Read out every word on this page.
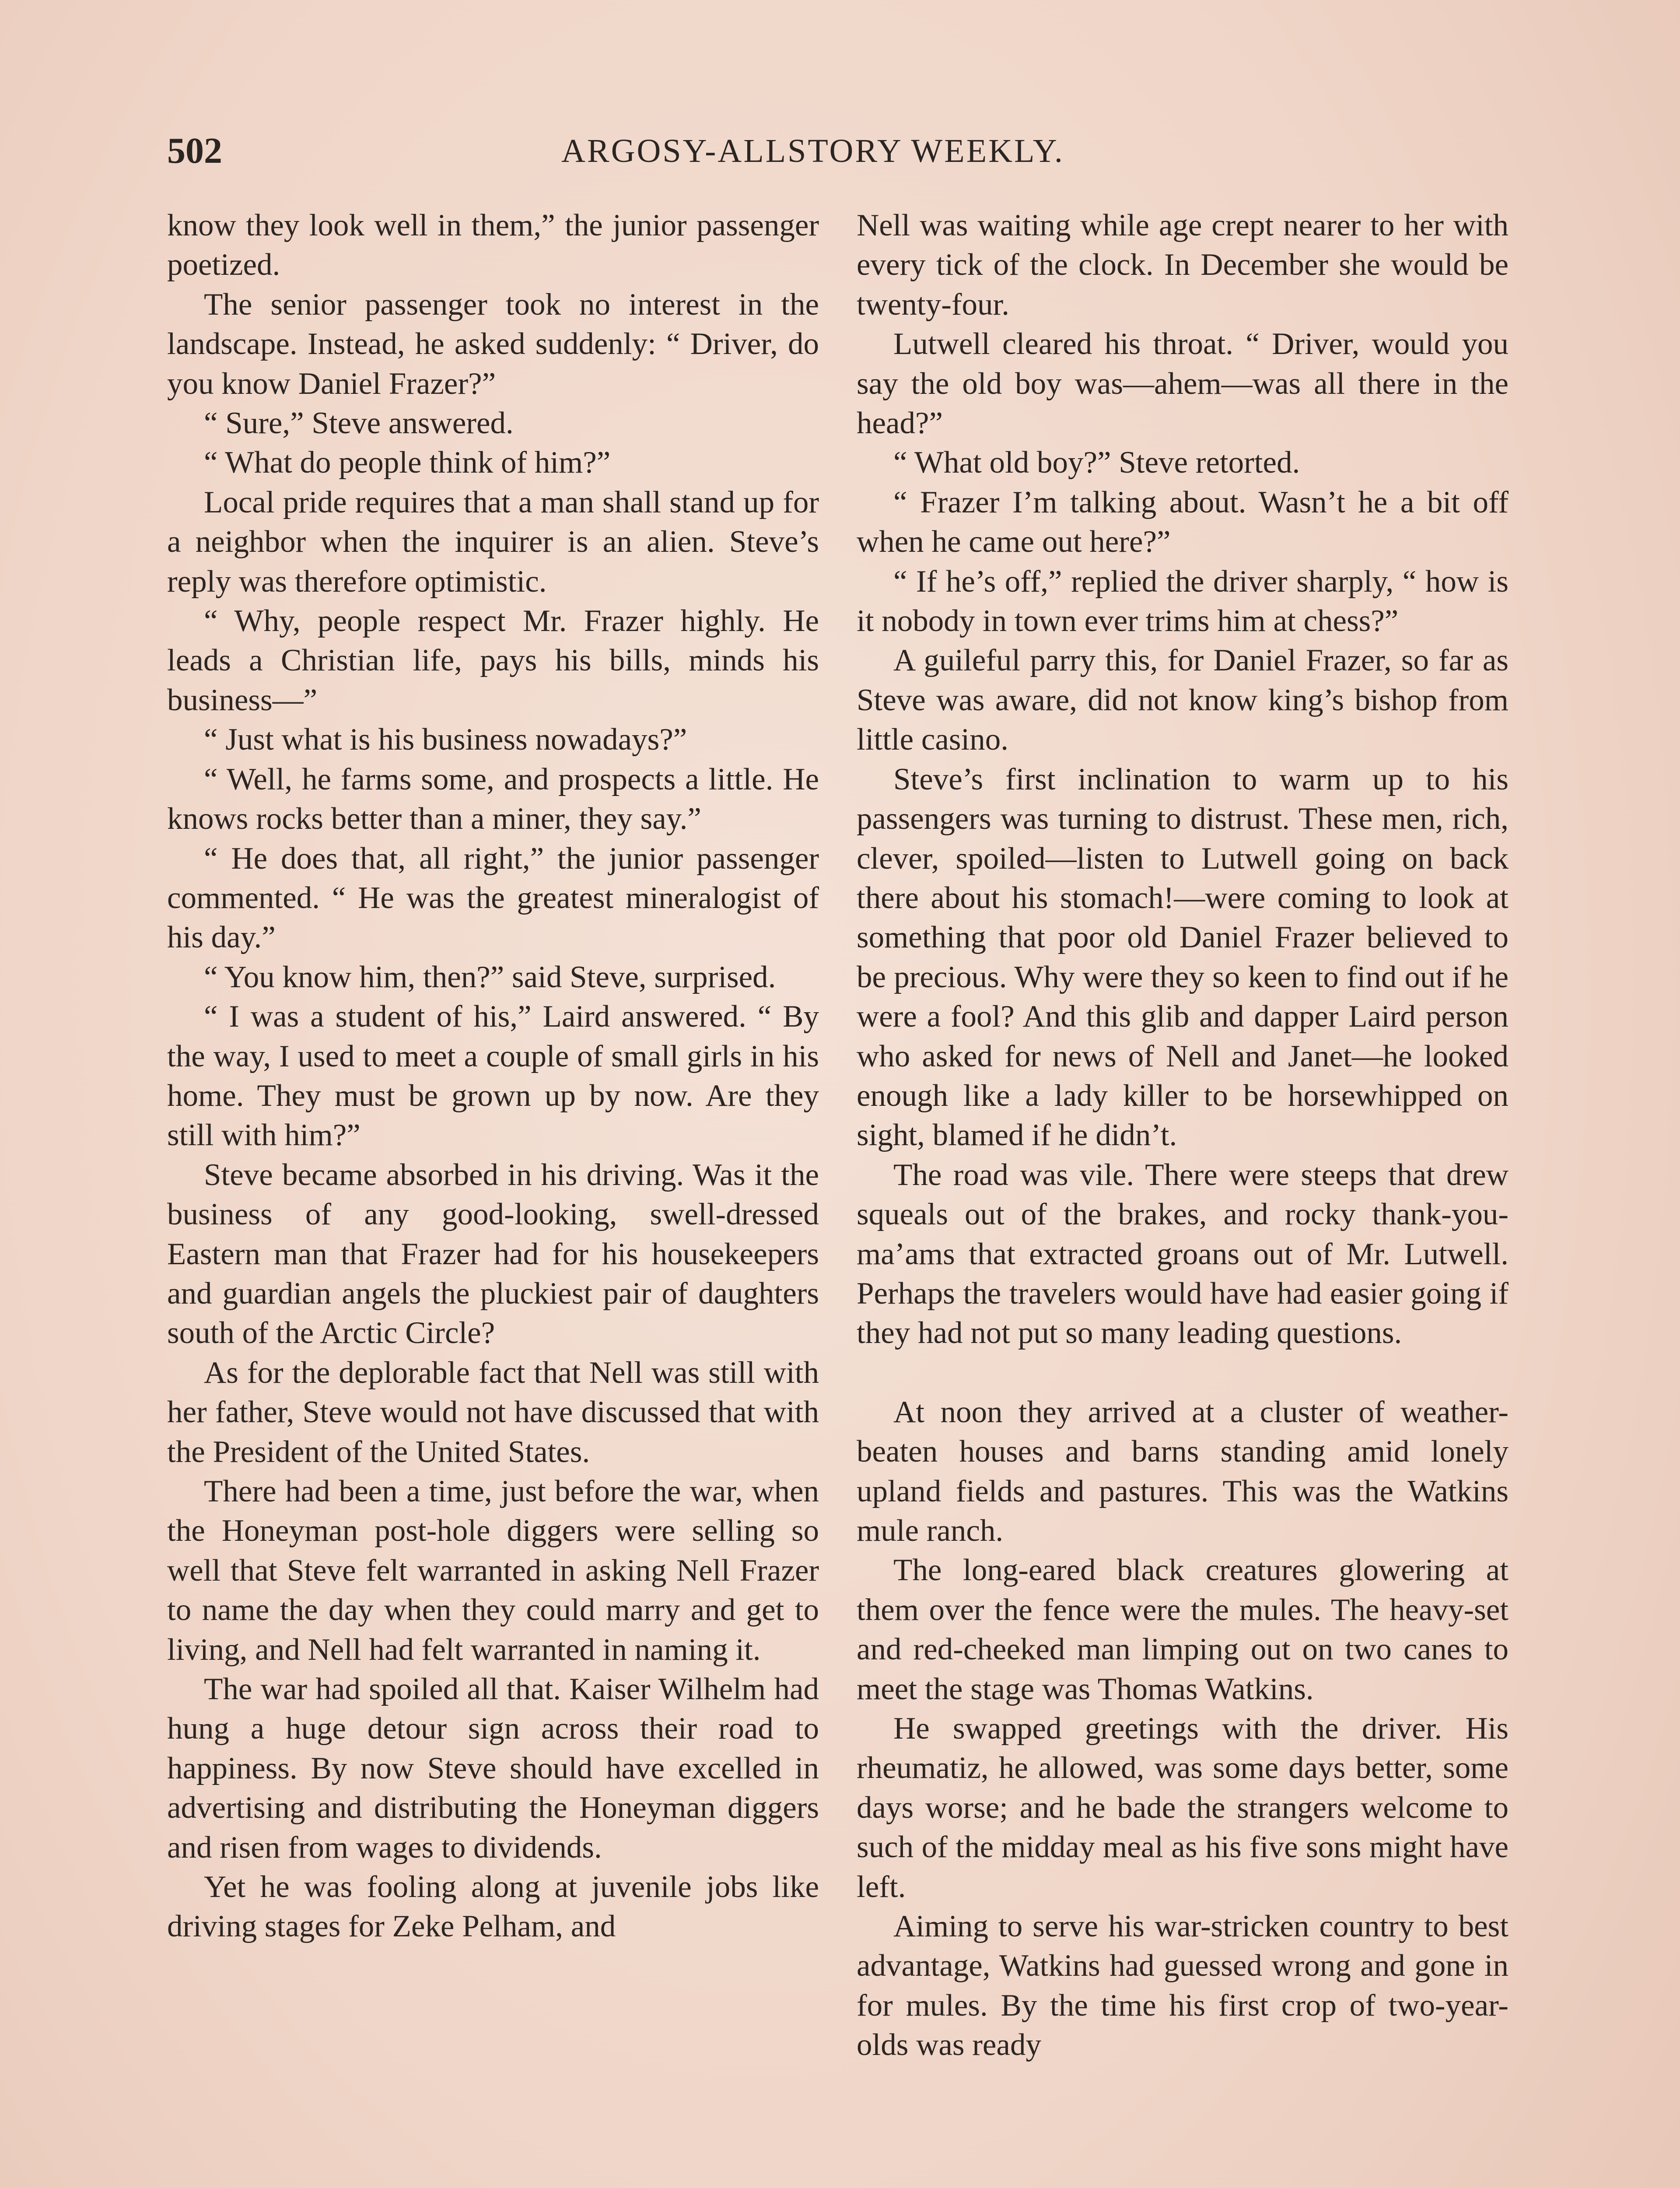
502	ARGOSY-ALLSTORY WEEKLY.

know they look well in them,” the junior passenger poetized.

The senior passenger took no interest in the landscape. Instead, he asked suddenly: “ Driver, do you know Daniel Frazer?”

“ Sure,” Steve answered.

“ What do people think of him?”

Local pride requires that a man shall stand up for a neighbor when the inquirer is an alien. Steve’s reply was therefore optimistic.

“ Why, people respect Mr. Frazer highly. He leads a Christian life, pays his bills, minds his business—”

“ Just what is his business nowadays?”

“ Well, he farms some, and prospects a little. He knows rocks better than a miner, they say.”

“ He does that, all right,” the junior passenger commented. “ He was the greatest mineralogist of his day.”

“ You know him, then?” said Steve, surprised.

“ I was a student of his,” Laird answered. “ By the way, I used to meet a couple of small girls in his home. They must be grown up by now. Are they still with him?”

Steve became absorbed in his driving. Was it the business of any good-looking, swell-dressed Eastern man that Frazer had for his housekeepers and guardian angels the pluckiest pair of daughters south of the Arctic Circle?

As for the deplorable fact that Nell was still with her father, Steve would not have discussed that with the President of the United States.

There had been a time, just before the war, when the Honeyman post-hole diggers were selling so well that Steve felt warranted in asking Nell Frazer to name the day when they could marry and get to living, and Nell had felt warranted in naming it.

The war had spoiled all that. Kaiser Wilhelm had hung a huge detour sign across their road to happiness. By now Steve should have excelled in advertising and distributing the Honeyman diggers and risen from wages to dividends.

Yet he was fooling along at juvenile jobs like driving stages for Zeke Pelham, and

Nell was waiting while age crept nearer to her with every tick of the clock. In December she would be twenty-four.

Lutwell cleared his throat. “ Driver, would you say the old boy was—ahem—was all there in the head?”

“ What old boy?” Steve retorted.

“ Frazer I’m talking about. Wasn’t he a bit off when he came out here?”

“ If he’s off,” replied the driver sharply, “ how is it nobody in town ever trims him at chess?”

A guileful parry this, for Daniel Frazer, so far as Steve was aware, did not know king’s bishop from little casino.

Steve’s first inclination to warm up to his passengers was turning to distrust. These men, rich, clever, spoiled—listen to Lutwell going on back there about his stomach!—were coming to look at something that poor old Daniel Frazer believed to be precious. Why were they so keen to find out if he were a fool? And this glib and dapper Laird person who asked for news of Nell and Janet—he looked enough like a lady killer to be horsewhipped on sight, blamed if he didn’t.

The road was vile. There were steeps that drew squeals out of the brakes, and rocky thank-you-ma’ams that extracted groans out of Mr. Lutwell. Perhaps the travelers would have had easier going if they had not put so many leading questions.

At noon they arrived at a cluster of weather-beaten houses and barns standing amid lonely upland fields and pastures. This was the Watkins mule ranch.

The long-eared black creatures glowering at them over the fence were the mules. The heavy-set and red-cheeked man limping out on two canes to meet the stage was Thomas Watkins.

He swapped greetings with the driver. His rheumatiz, he allowed, was some days better, some days worse; and he bade the strangers welcome to such of the midday meal as his five sons might have left.

Aiming to serve his war-stricken country to best advantage, Watkins had guessed wrong and gone in for mules. By the time his first crop of two-year-olds was ready
